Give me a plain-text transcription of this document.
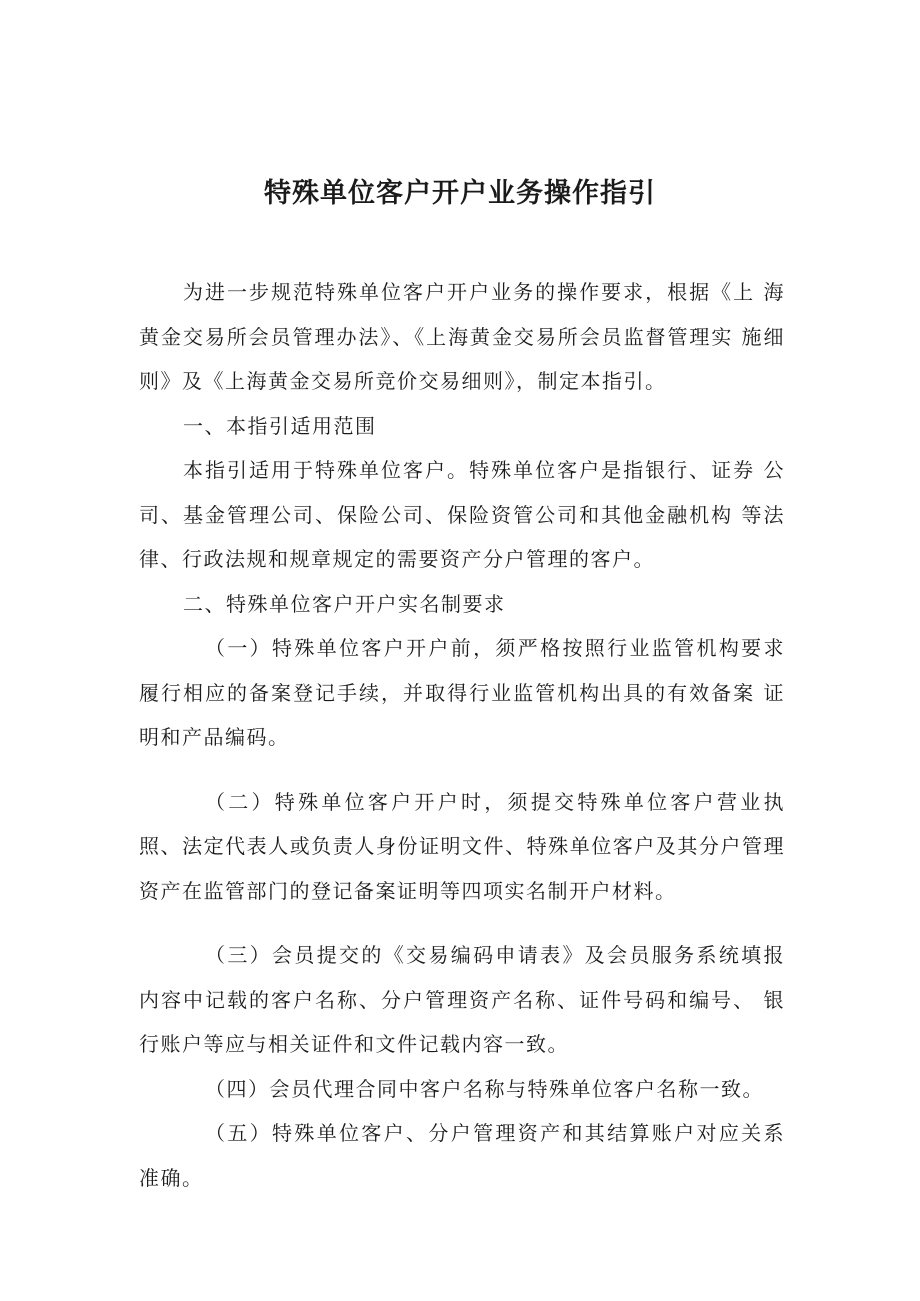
特殊单位客户开户业务操作指引

为进一步规范特殊单位客户开户业务的操作要求，根据《上 海黄金交易所会员管理办法》、《上海黄金交易所会员监督管理实 施细则》及《上海黄金交易所竞价交易细则》，制定本指引。

一、本指引适用范围

本指引适用于特殊单位客户。特殊单位客户是指银行、证券 公司、基金管理公司、保险公司、保险资管公司和其他金融机构 等法律、行政法规和规章规定的需要资产分户管理的客户。

二、特殊单位客户开户实名制要求

（一）特殊单位客户开户前，须严格按照行业监管机构要求 履行相应的备案登记手续，并取得行业监管机构出具的有效备案 证明和产品编码。

（二）特殊单位客户开户时，须提交特殊单位客户营业执照、法定代表人或负责人身份证明文件、特殊单位客户及其分户管理 资产在监管部门的登记备案证明等四项实名制开户材料。

（三）会员提交的《交易编码申请表》及会员服务系统填报 内容中记载的客户名称、分户管理资产名称、证件号码和编号、 银行账户等应与相关证件和文件记载内容一致。

（四）会员代理合同中客户名称与特殊单位客户名称一致。

（五）特殊单位客户、分户管理资产和其结算账户对应关系 准确。
